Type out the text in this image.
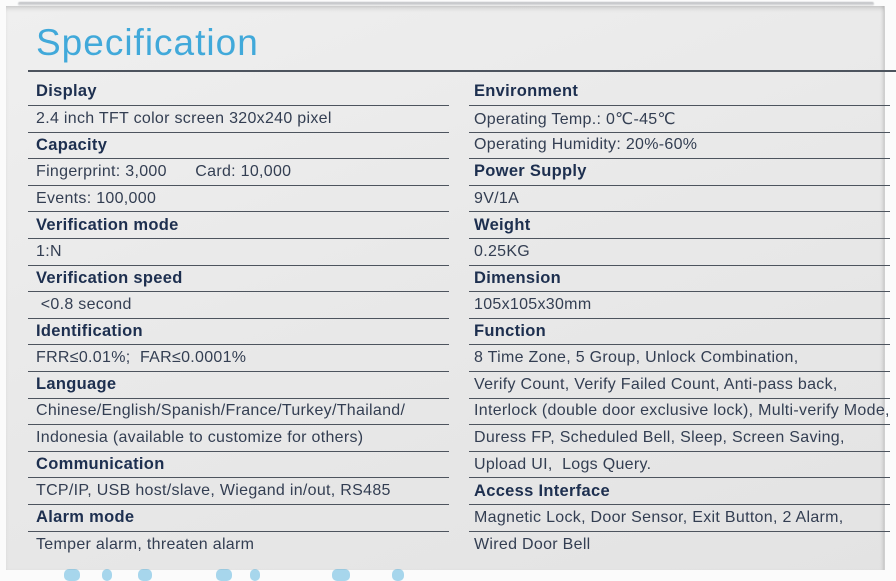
Specification
Display
2.4 inch TFT color screen 320x240 pixel
Capacity
Fingerprint: 3,000      Card: 10,000
Events: 100,000
Verification mode
1:N
Verification speed
<0.8 second
Identification
FRR≤0.01%;  FAR≤0.0001%
Language
Chinese/English/Spanish/France/Turkey/Thailand/
Indonesia (available to customize for others)
Communication
TCP/IP, USB host/slave, Wiegand in/out, RS485
Alarm mode
Temper alarm, threaten alarm
Environment
Operating Temp.: 0℃-45℃
Operating Humidity: 20%-60%
Power Supply
9V/1A
Weight
0.25KG
Dimension
105x105x30mm
Function
8 Time Zone, 5 Group, Unlock Combination,
Verify Count, Verify Failed Count, Anti-pass back,
Interlock (double door exclusive lock), Multi-verify Mode,
Duress FP, Scheduled Bell, Sleep, Screen Saving,
Upload UI,  Logs Query.
Access Interface
Magnetic Lock, Door Sensor, Exit Button, 2 Alarm,
Wired Door Bell
